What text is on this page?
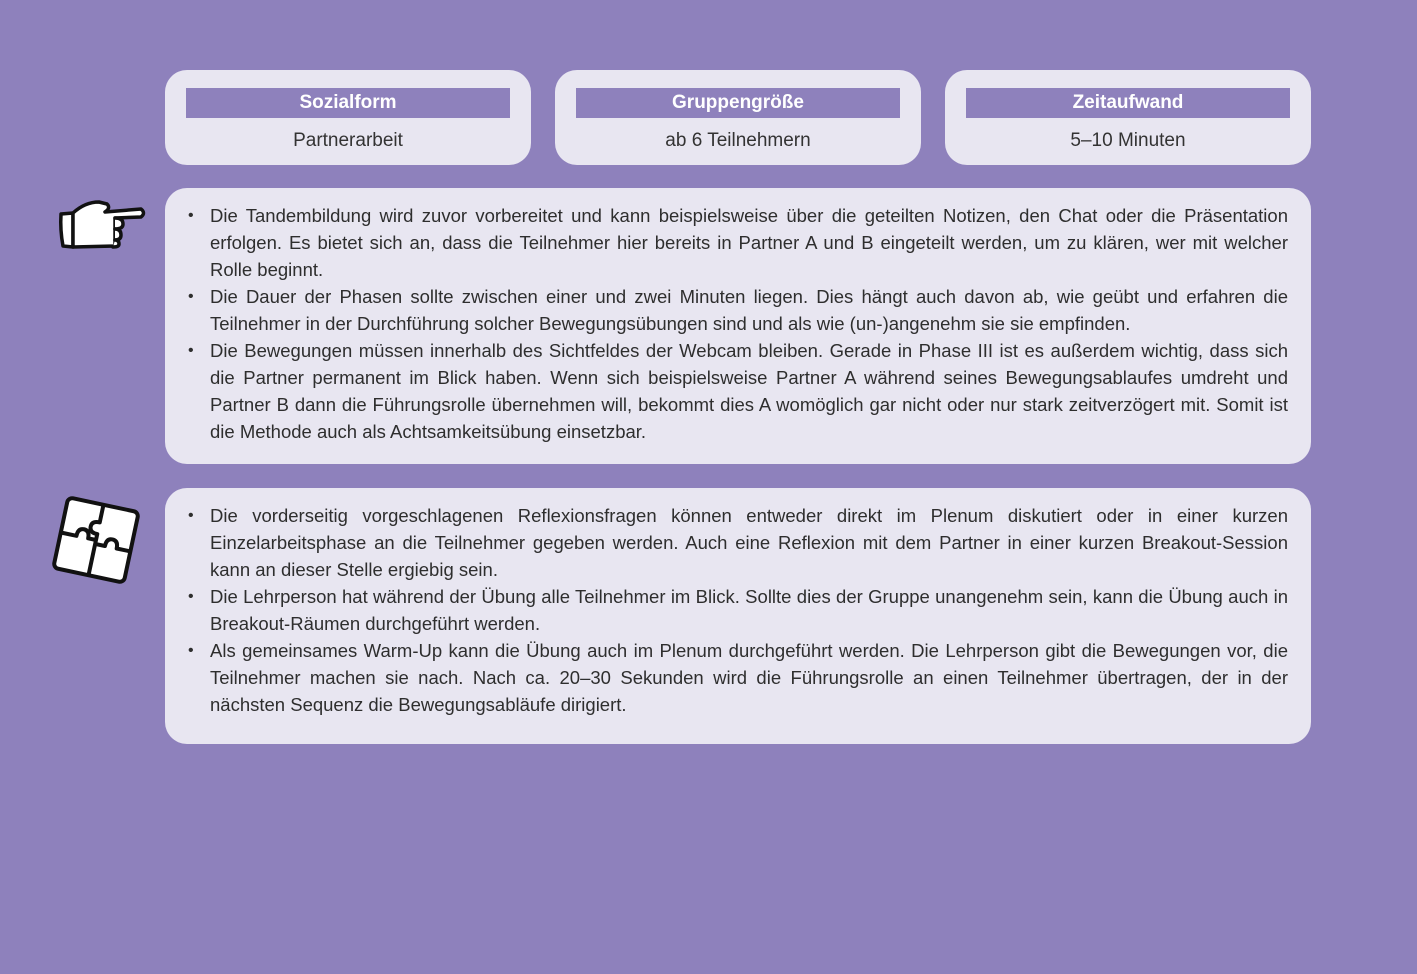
Sozialform
Partnerarbeit
Gruppengröße
ab 6 Teilnehmern
Zeitaufwand
5–10 Minuten
• Die Tandembildung wird zuvor vorbereitet und kann beispielsweise über die geteilten Notizen, den Chat oder die Präsentation erfolgen. Es bietet sich an, dass die Teilnehmer hier bereits in Partner A und B eingeteilt werden, um zu klären, wer mit welcher Rolle beginnt.
• Die Dauer der Phasen sollte zwischen einer und zwei Minuten liegen. Dies hängt auch davon ab, wie geübt und erfahren die Teilnehmer in der Durchführung solcher Bewegungsübungen sind und als wie (un-)angenehm sie sie empfinden.
• Die Bewegungen müssen innerhalb des Sichtfeldes der Webcam bleiben. Gerade in Phase III ist es außerdem wichtig, dass sich die Partner permanent im Blick haben. Wenn sich beispielsweise Partner A während seines Bewegungsablaufes umdreht und Partner B dann die Führungsrolle übernehmen will, bekommt dies A womöglich gar nicht oder nur stark zeitverzögert mit. Somit ist die Methode auch als Achtsamkeitsübung einsetzbar.
• Die vorderseitig vorgeschlagenen Reflexionsfragen können entweder direkt im Plenum diskutiert oder in einer kurzen Einzelarbeitsphase an die Teilnehmer gegeben werden. Auch eine Reflexion mit dem Partner in einer kurzen Breakout-Session kann an dieser Stelle ergiebig sein.
• Die Lehrperson hat während der Übung alle Teilnehmer im Blick. Sollte dies der Gruppe unangenehm sein, kann die Übung auch in Breakout-Räumen durchgeführt werden.
• Als gemeinsames Warm-Up kann die Übung auch im Plenum durchgeführt werden. Die Lehrperson gibt die Bewegungen vor, die Teilnehmer machen sie nach. Nach ca. 20–30 Sekunden wird die Führungsrolle an einen Teilnehmer übertragen, der in der nächsten Sequenz die Bewegungsabläufe dirigiert.
